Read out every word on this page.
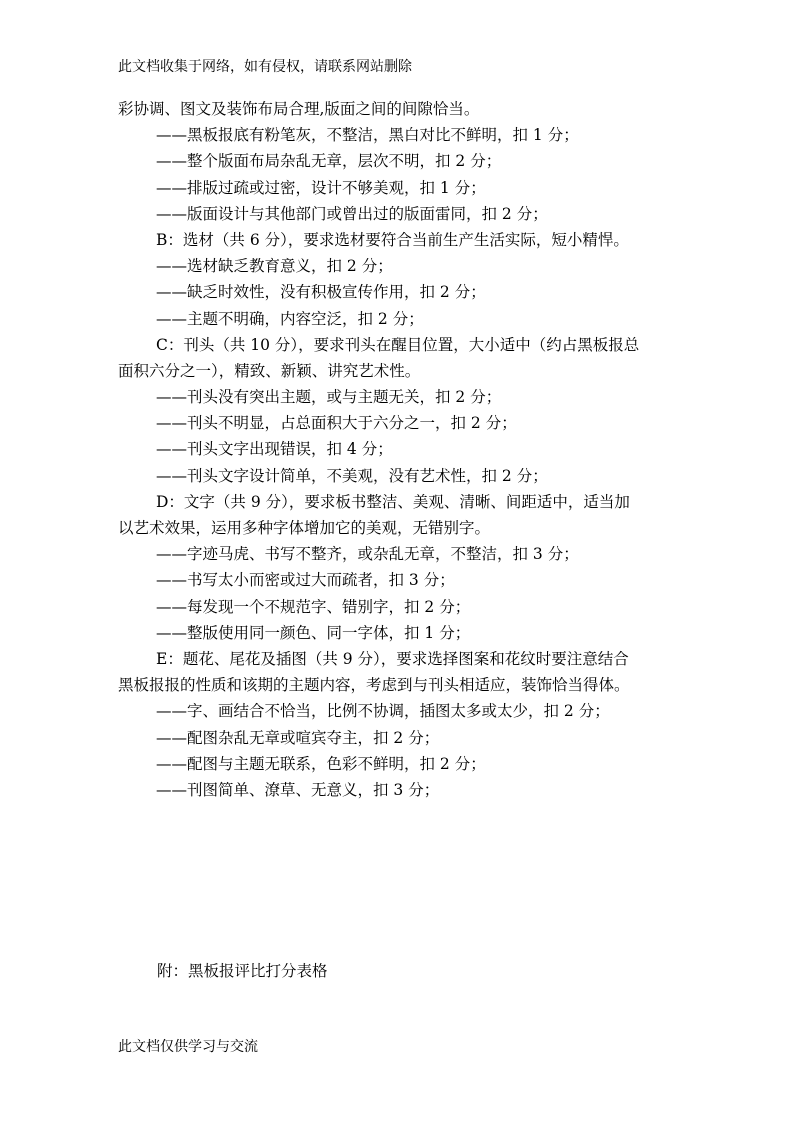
此文档收集于网络，如有侵权，请联系网站删除
彩协调、图文及装饰布局合理,版面之间的间隙恰当。
——黑板报底有粉笔灰，不整洁，黑白对比不鲜明，扣 1 分；
——整个版面布局杂乱无章，层次不明，扣 2 分；
——排版过疏或过密，设计不够美观，扣 1 分；
——版面设计与其他部门或曾出过的版面雷同，扣 2 分；
B：选材（共 6 分），要求选材要符合当前生产生活实际，短小精悍。
——选材缺乏教育意义，扣 2 分；
——缺乏时效性，没有积极宣传作用，扣 2 分；
——主题不明确，内容空泛，扣 2 分；
C：刊头（共 10 分），要求刊头在醒目位置，大小适中（约占黑板报总
面积六分之一），精致、新颖、讲究艺术性。
——刊头没有突出主题，或与主题无关，扣 2 分；
——刊头不明显，占总面积大于六分之一，扣 2 分；
——刊头文字出现错误，扣 4 分；
——刊头文字设计简单，不美观，没有艺术性，扣 2 分；
D：文字（共 9 分），要求板书整洁、美观、清晰、间距适中，适当加
以艺术效果，运用多种字体增加它的美观，无错别字。
——字迹马虎、书写不整齐，或杂乱无章，不整洁，扣 3 分；
——书写太小而密或过大而疏者，扣 3 分；
——每发现一个不规范字、错别字，扣 2 分；
——整版使用同一颜色、同一字体，扣 1 分；
E：题花、尾花及插图（共 9 分），要求选择图案和花纹时要注意结合
黑板报报的性质和该期的主题内容，考虑到与刊头相适应，装饰恰当得体。
——字、画结合不恰当，比例不协调，插图太多或太少，扣 2 分；
——配图杂乱无章或喧宾夺主，扣 2 分；
——配图与主题无联系，色彩不鲜明，扣 2 分；
——刊图简单、潦草、无意义，扣 3 分；
附：黑板报评比打分表格
此文档仅供学习与交流
